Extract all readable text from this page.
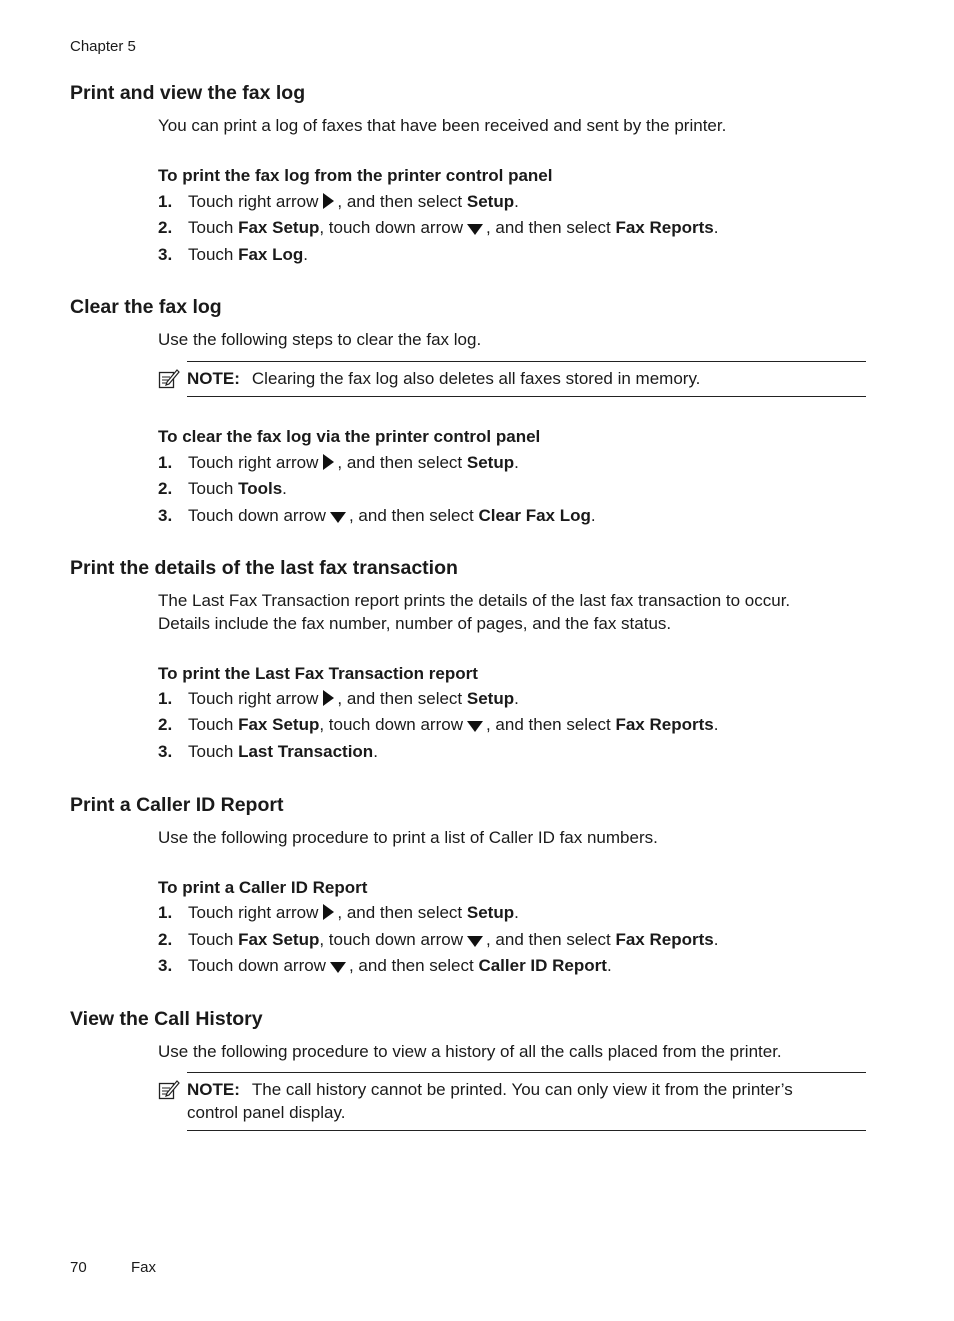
Chapter 5
Print and view the fax log
You can print a log of faxes that have been received and sent by the printer.
To print the fax log from the printer control panel
1. Touch right arrow , and then select Setup.
2. Touch Fax Setup, touch down arrow , and then select Fax Reports.
3. Touch Fax Log.
Clear the fax log
Use the following steps to clear the fax log.
NOTE: Clearing the fax log also deletes all faxes stored in memory.
To clear the fax log via the printer control panel
1. Touch right arrow , and then select Setup.
2. Touch Tools.
3. Touch down arrow , and then select Clear Fax Log.
Print the details of the last fax transaction
The Last Fax Transaction report prints the details of the last fax transaction to occur.
Details include the fax number, number of pages, and the fax status.
To print the Last Fax Transaction report
1. Touch right arrow , and then select Setup.
2. Touch Fax Setup, touch down arrow , and then select Fax Reports.
3. Touch Last Transaction.
Print a Caller ID Report
Use the following procedure to print a list of Caller ID fax numbers.
To print a Caller ID Report
1. Touch right arrow , and then select Setup.
2. Touch Fax Setup, touch down arrow , and then select Fax Reports.
3. Touch down arrow , and then select Caller ID Report.
View the Call History
Use the following procedure to view a history of all the calls placed from the printer.
NOTE: The call history cannot be printed. You can only view it from the printer’s
control panel display.
70	Fax
